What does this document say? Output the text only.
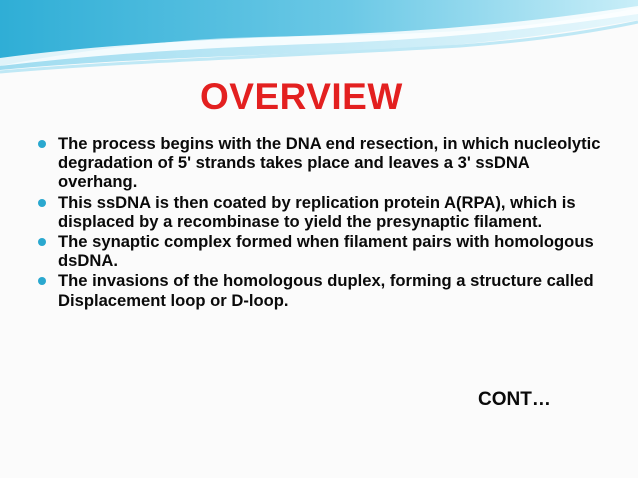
OVERVIEW
The process begins with the DNA end resection, in which nucleolytic degradation of 5' strands takes place and leaves a 3' ssDNA overhang.
This ssDNA is then coated by replication protein A(RPA), which is displaced by a recombinase to yield the presynaptic filament.
The synaptic complex formed when filament pairs with homologous dsDNA.
The invasions of the homologous duplex, forming a structure called Displacement loop or D-loop.
CONT…
